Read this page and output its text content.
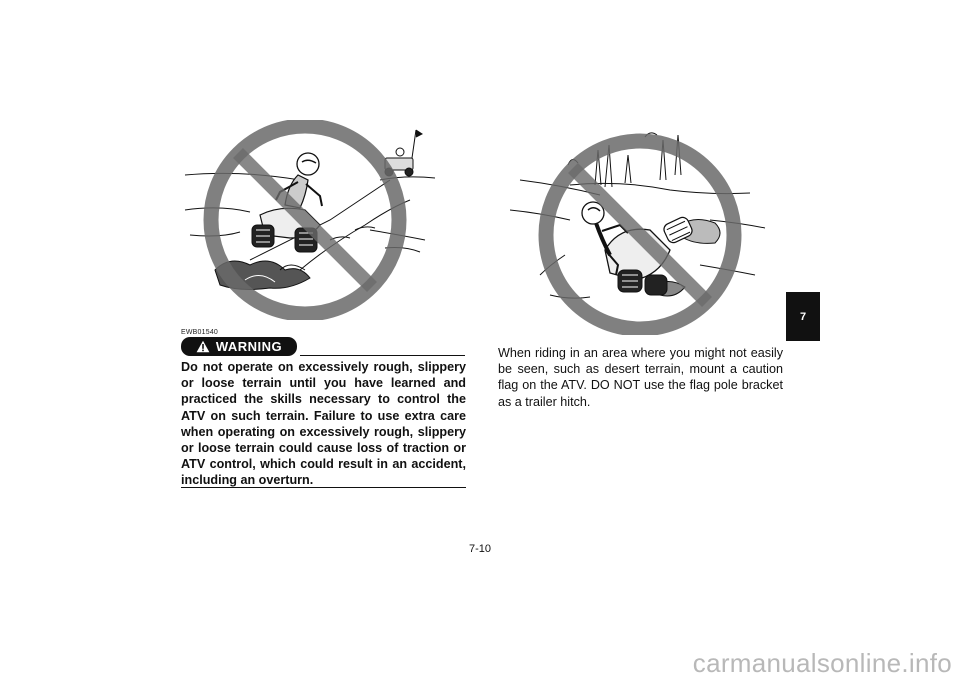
EWB01540
WARNING

Do not operate on excessively rough, slippery or loose terrain until you have learned and practiced the skills necessary to control the ATV on such terrain. Failure to use extra care when operating on excessively rough, slippery or loose terrain could cause loss of traction or ATV control, which could result in an accident, including an overturn.

When riding in an area where you might not easily be seen, such as desert terrain, mount a caution flag on the ATV. DO NOT use the flag pole bracket as a trailer hitch.

7
7-10
carmanualsonline.info
